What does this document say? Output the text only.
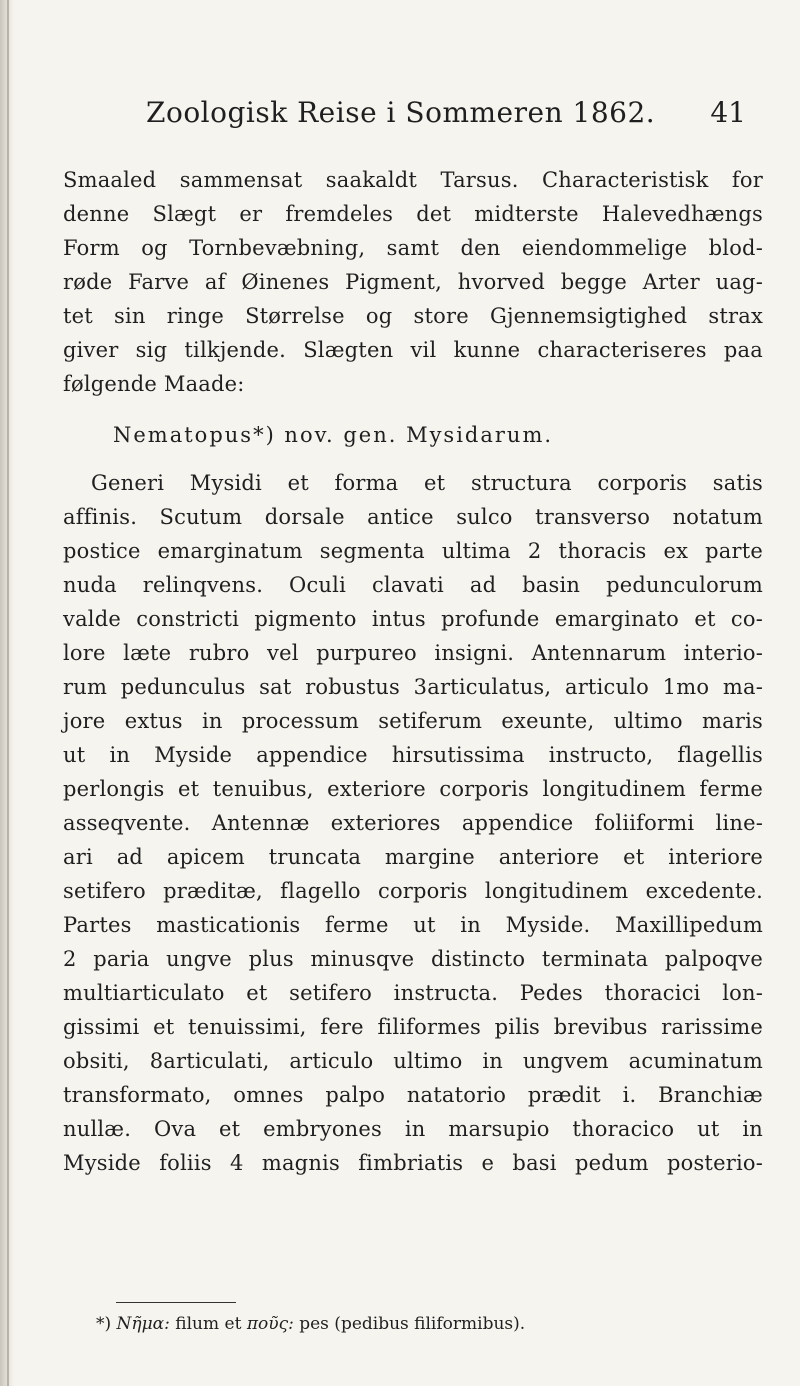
Zoologisk Reise i Sommeren 1862. 41
Smaaled sammensat saakaldt Tarsus. Characteristisk for
denne Slægt er fremdeles det midterste Halevedhængs
Form og Tornbevæbning, samt den eiendommelige blod-
røde Farve af Øinenes Pigment, hvorved begge Arter uag-
tet sin ringe Størrelse og store Gjennemsigtighed strax
giver sig tilkjende. Slægten vil kunne characteriseres paa
følgende Maade:
Nematopus*) nov. gen. Mysidarum.
Generi Mysidi et forma et structura corporis satis
affinis. Scutum dorsale antice sulco transverso notatum
postice emarginatum segmenta ultima 2 thoracis ex parte
nuda relinqvens. Oculi clavati ad basin pedunculorum
valde constricti pigmento intus profunde emarginato et co-
lore læte rubro vel purpureo insigni. Antennarum interio-
rum pedunculus sat robustus 3articulatus, articulo 1mo ma-
jore extus in processum setiferum exeunte, ultimo maris
ut in Myside appendice hirsutissima instructo, flagellis
perlongis et tenuibus, exteriore corporis longitudinem ferme
asseqvente. Antennæ exteriores appendice foliiformi line-
ari ad apicem truncata margine anteriore et interiore
setifero præditæ, flagello corporis longitudinem excedente.
Partes masticationis ferme ut in Myside. Maxillipedum
2 paria ungve plus minusqve distincto terminata palpoqve
multiarticulato et setifero instructa. Pedes thoracici lon-
gissimi et tenuissimi, fere filiformes pilis brevibus rarissime
obsiti, 8articulati, articulo ultimo in ungvem acuminatum
transformato, omnes palpo natatorio prædit i. Branchiæ
nullæ. Ova et embryones in marsupio thoracico ut in
Myside foliis 4 magnis fimbriatis e basi pedum posterio-
*) Νῆμα: filum et ποῦς: pes (pedibus filiformibus).
